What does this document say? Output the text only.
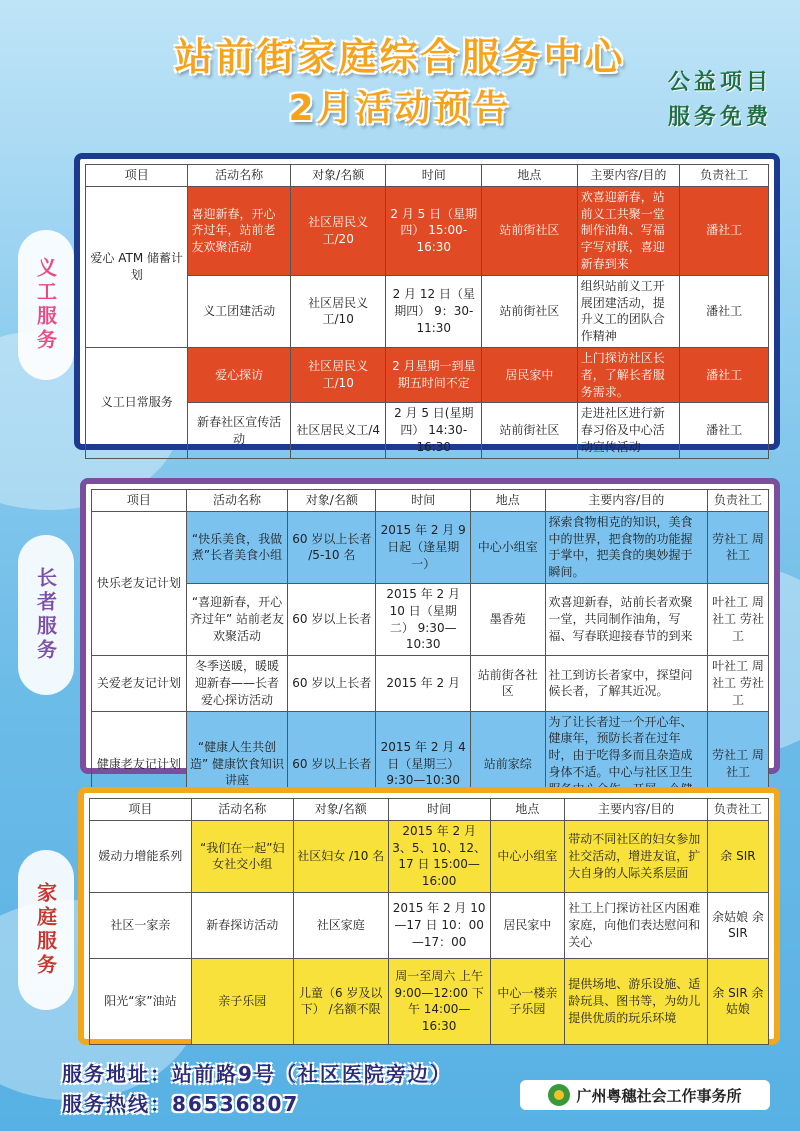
站前街家庭综合服务中心
2月活动预告
公益项目
服务免费
义工服务
长者服务
家庭服务
项目	活动名称	对象/名额	时间	地点	主要内容/目的	负责社工
爱心 ATM 储蓄计划	喜迎新春，开心齐过年，站前老友欢聚活动	社区居民义工/20	2 月 5 日（星期四） 15:00-16:30	站前街社区	欢喜迎新春，站前义工共聚一堂制作油角、写福字写对联，喜迎新春到来	潘社工
	义工团建活动	社区居民义工/10	2 月 12 日（星期四） 9：30-11:30	站前街社区	组织站前义工开展团建活动，提升义工的团队合作精神	潘社工
义工日常服务	爱心探访	社区居民义工/10	2 月星期一到星期五时间不定	居民家中	上门探访社区长者，了解长者服务需求。	潘社工
	新春社区宣传活动	社区居民义工/4	2 月 5 日(星期四） 14:30-16:30	站前街社区	走进社区进行新春习俗及中心活动宣传活动	潘社工
项目	活动名称	对象/名额	时间	地点	主要内容/目的	负责社工
快乐老友记计划	“快乐美食，我做煮”长者美食小组	60 岁以上长者 /5-10 名	2015 年 2 月 9 日起（逢星期一）	中心小组室	探索食物相克的知识，美食中的世界，把食物的功能握于掌中，把美食的奥妙握于瞬间。	劳社工 周社工
	“喜迎新春，开心齐过年” 站前老友欢聚活动	60 岁以上长者	2015 年 2 月 10 日（星期二） 9:30—10:30	墨香苑	欢喜迎新春，站前长者欢聚一堂，共同制作油角，写福、写春联迎接春节的到来	叶社工 周社工 劳社工
关爱老友记计划	冬季送暖，暖暖迎新春——长者爱心探访活动	60 岁以上长者	2015 年 2 月	站前街各社区	社工到访长者家中，探望问候长者，了解其近况。	叶社工 周社工 劳社工
健康老友记计划	“健康人生共创造” 健康饮食知识讲座	60 岁以上长者	2015 年 2 月 4 日（星期三） 9:30—10:30	站前家综	为了让长者过一个开心年、健康年，预防长者在过年时，由于吃得多而且杂造成身体不适。中心与社区卫生	劳社工 周社工
项目	活动名称	对象/名额	时间	地点	主要内容/目的	负责社工
媛动力增能系列	“我们在一起”妇女社交小组	社区妇女 /10 名	2015 年 2 月 3、5、10、12、17 日 15:00—16:00	中心小组室	带动不同社区的妇女参加社交活动，增进友谊，扩大自身的人际关系层面	余 SIR
社区一家亲	新春探访活动	社区家庭	2015 年 2 月 10—17 日 10：00—17：00	居民家中	社工上门探访社区内困难家庭，向他们表达慰问和关心	余姑娘 余 SIR
阳光“家”油站	亲子乐园	儿童（6 岁及以下） /名额不限	周一至周六 上午 9:00—12:00 下午 14:00—16:30	中心一楼亲子乐园	提供场地、游乐设施、适龄玩具、图书等，为幼儿提供优质的玩乐环境	余 SIR 余姑娘
服务地址：站前路9号（社区医院旁边）
服务热线：86536807	广州粤穗社会工作事务所
